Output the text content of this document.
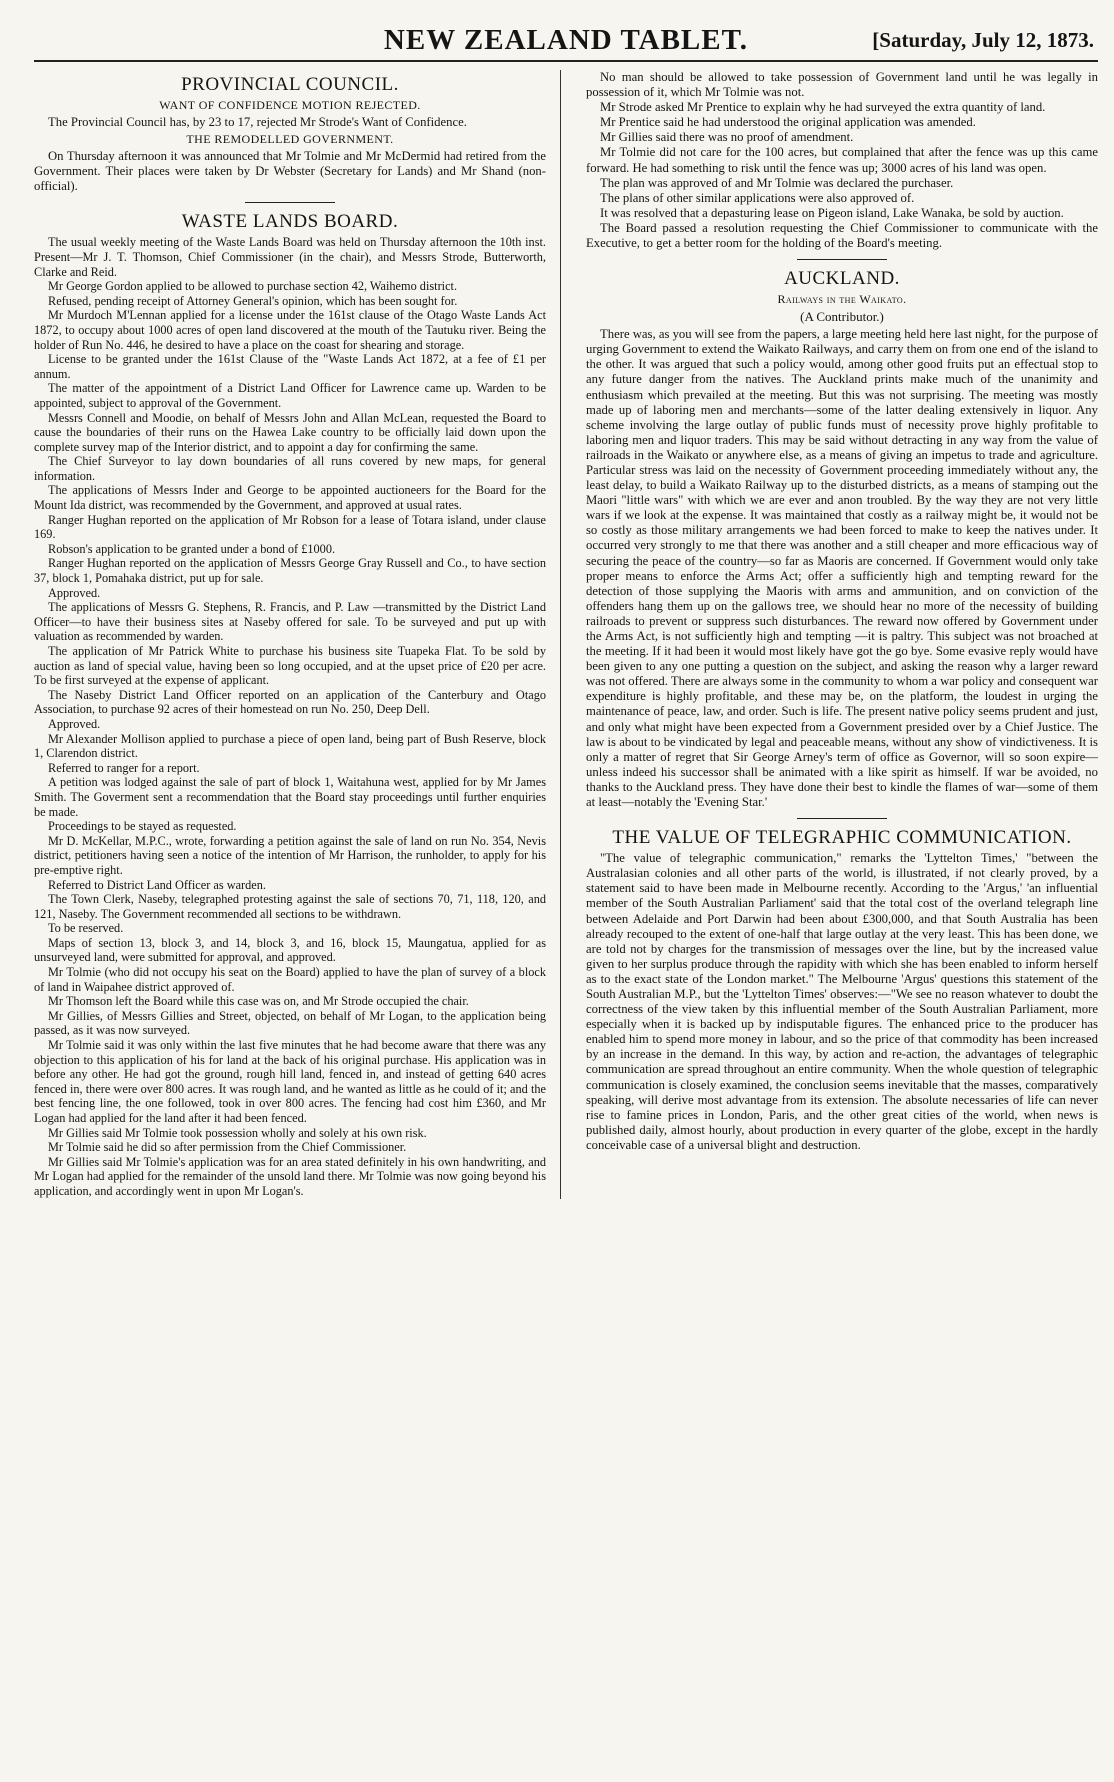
NEW ZEALAND TABLET.	[Saturday, July 12, 1873.
PROVINCIAL COUNCIL.
WANT OF CONFIDENCE MOTION REJECTED.

The Provincial Council has, by 23 to 17, rejected Mr Strode's Want of Confidence.

THE REMODELLED GOVERNMENT.

On Thursday afternoon it was announced that Mr Tolmie and Mr McDermid had retired from the Government. Their places were taken by Dr Webster (Secretary for Lands) and Mr Shand (non-official).

WASTE LANDS BOARD.

The usual weekly meeting of the Waste Lands Board was held on Thursday afternoon the 10th inst. Present—Mr J. T. Thomson, Chief Commissioner (in the chair), and Messrs Strode, Butterworth, Clarke and Reid.

Mr George Gordon applied to be allowed to purchase section 42, Waihemo district.

Refused, pending receipt of Attorney General's opinion, which has been sought for.

Mr Murdoch M'Lennan applied for a license under the 161st clause of the Otago Waste Lands Act 1872, to occupy about 1000 acres of open land discovered at the mouth of the Tautuku river. Being the holder of Run No. 446, he desired to have a place on the coast for shearing and storage.

License to be granted under the 161st Clause of the "Waste Lands Act 1872, at a fee of £1 per annum.

The matter of the appointment of a District Land Officer for Lawrence came up. Warden to be appointed, subject to approval of the Government.

Messrs Connell and Moodie, on behalf of Messrs John and Allan McLean, requested the Board to cause the boundaries of their runs on the Hawea Lake country to be officially laid down upon the complete survey map of the Interior district, and to appoint a day for confirming the same.

The Chief Surveyor to lay down boundaries of all runs covered by new maps, for general information.

The applications of Messrs Inder and George to be appointed auctioneers for the Board for the Mount Ida district, was recommended by the Government, and approved at usual rates.

Ranger Hughan reported on the application of Mr Robson for a lease of Totara island, under clause 169.

Robson's application to be granted under a bond of £1000.

Ranger Hughan reported on the application of Messrs George Gray Russell and Co., to have section 37, block 1, Pomahaka district, put up for sale.

Approved.

The applications of Messrs G. Stephens, R. Francis, and P. Law —transmitted by the District Land Officer—to have their business sites at Naseby offered for sale. To be surveyed and put up with valuation as recommended by warden.

The application of Mr Patrick White to purchase his business site Tuapeka Flat. To be sold by auction as land of special value, having been so long occupied, and at the upset price of £20 per acre. To be first surveyed at the expense of applicant.

The Naseby District Land Officer reported on an application of the Canterbury and Otago Association, to purchase 92 acres of their homestead on run No. 250, Deep Dell.

Approved.

Mr Alexander Mollison applied to purchase a piece of open land, being part of Bush Reserve, block 1, Clarendon district.

Referred to ranger for a report.

A petition was lodged against the sale of part of block 1, Waitahuna west, applied for by Mr James Smith. The Goverment sent a recommendation that the Board stay proceedings until further enquiries be made.

Proceedings to be stayed as requested.

Mr D. McKellar, M.P.C., wrote, forwarding a petition against the sale of land on run No. 354, Nevis district, petitioners having seen a notice of the intention of Mr Harrison, the runholder, to apply for his pre-emptive right.

Referred to District Land Officer as warden.

The Town Clerk, Naseby, telegraphed protesting against the sale of sections 70, 71, 118, 120, and 121, Naseby. The Government recommended all sections to be withdrawn.

To be reserved.

Maps of section 13, block 3, and 14, block 3, and 16, block 15, Maungatua, applied for as unsurveyed land, were submitted for approval, and approved.

Mr Tolmie (who did not occupy his seat on the Board) applied to have the plan of survey of a block of land in Waipahee district approved of.

Mr Thomson left the Board while this case was on, and Mr Strode occupied the chair.

Mr Gillies, of Messrs Gillies and Street, objected, on behalf of Mr Logan, to the application being passed, as it was now surveyed.

Mr Tolmie said it was only within the last five minutes that he had become aware that there was any objection to this application of his for land at the back of his original purchase. His application was in before any other. He had got the ground, rough hill land, fenced in, and instead of getting 640 acres fenced in, there were over 800 acres. It was rough land, and he wanted as little as he could of it; and the best fencing line, the one followed, took in over 800 acres. The fencing had cost him £360, and Mr Logan had applied for the land after it had been fenced.

Mr Gillies said Mr Tolmie took possession wholly and solely at his own risk.

Mr Tolmie said he did so after permission from the Chief Commissioner.

Mr Gillies said Mr Tolmie's application was for an area stated definitely in his own handwriting, and Mr Logan had applied for the remainder of the unsold land there. Mr Tolmie was now going beyond his application, and accordingly went in upon Mr Logan's.

No man should be allowed to take possession of Government land until he was legally in possession of it, which Mr Tolmie was not.

Mr Strode asked Mr Prentice to explain why he had surveyed the extra quantity of land.

Mr Prentice said he had understood the original application was amended.

Mr Gillies said there was no proof of amendment.

Mr Tolmie did not care for the 100 acres, but complained that after the fence was up this came forward. He had something to risk until the fence was up; 3000 acres of his land was open.

The plan was approved of and Mr Tolmie was declared the purchaser.

The plans of other similar applications were also approved of.

It was resolved that a depasturing lease on Pigeon island, Lake Wanaka, be sold by auction.

The Board passed a resolution requesting the Chief Commissioner to communicate with the Executive, to get a better room for the holding of the Board's meeting.

AUCKLAND.
Railways in the Waikato.
(A Contributor.)

There was, as you will see from the papers, a large meeting held here last night, for the purpose of urging Government to extend the Waikato Railways, and carry them on from one end of the island to the other. It was argued that such a policy would, among other good fruits put an effectual stop to any future danger from the natives. The Auckland prints make much of the unanimity and enthusiasm which prevailed at the meeting. But this was not surprising. The meeting was mostly made up of laboring men and merchants—some of the latter dealing extensively in liquor. Any scheme involving the large outlay of public funds must of necessity prove highly profitable to laboring men and liquor traders. This may be said without detracting in any way from the value of railroads in the Waikato or anywhere else, as a means of giving an impetus to trade and agriculture. Particular stress was laid on the necessity of Government proceeding immediately without any, the least delay, to build a Waikato Railway up to the disturbed districts, as a means of stamping out the Maori "little wars" with which we are ever and anon troubled. By the way they are not very little wars if we look at the expense. It was maintained that costly as a railway might be, it would not be so costly as those military arrangements we had been forced to make to keep the natives under. It occurred very strongly to me that there was another and a still cheaper and more efficacious way of securing the peace of the country—so far as Maoris are concerned. If Government would only take proper means to enforce the Arms Act; offer a sufficiently high and tempting reward for the detection of those supplying the Maoris with arms and ammunition, and on conviction of the offenders hang them up on the gallows tree, we should hear no more of the necessity of building railroads to prevent or suppress such disturbances. The reward now offered by Government under the Arms Act, is not sufficiently high and tempting —it is paltry. This subject was not broached at the meeting. If it had been it would most likely have got the go bye. Some evasive reply would have been given to any one putting a question on the subject, and asking the reason why a larger reward was not offered. There are always some in the community to whom a war policy and consequent war expenditure is highly profitable, and these may be, on the platform, the loudest in urging the maintenance of peace, law, and order. Such is life. The present native policy seems prudent and just, and only what might have been expected from a Government presided over by a Chief Justice. The law is about to be vindicated by legal and peaceable means, without any show of vindictiveness. It is only a matter of regret that Sir George Arney's term of office as Governor, will so soon expire—unless indeed his successor shall be animated with a like spirit as himself. If war be avoided, no thanks to the Auckland press. They have done their best to kindle the flames of war—some of them at least—notably the 'Evening Star.'

THE VALUE OF TELEGRAPHIC COMMUNICATION.

"The value of telegraphic communication," remarks the 'Lyttelton Times,' "between the Australasian colonies and all other parts of the world, is illustrated, if not clearly proved, by a statement said to have been made in Melbourne recently. According to the 'Argus,' 'an influential member of the South Australian Parliament' said that the total cost of the overland telegraph line between Adelaide and Port Darwin had been about £300,000, and that South Australia has been already recouped to the extent of one-half that large outlay at the very least. This has been done, we are told not by charges for the transmission of messages over the line, but by the increased value given to her surplus produce through the rapidity with which she has been enabled to inform herself as to the exact state of the London market." The Melbourne 'Argus' questions this statement of the South Australian M.P., but the 'Lyttelton Times' observes:—"We see no reason whatever to doubt the correctness of the view taken by this influential member of the South Australian Parliament, more especially when it is backed up by indisputable figures. The enhanced price to the producer has enabled him to spend more money in labour, and so the price of that commodity has been increased by an increase in the demand. In this way, by action and re-action, the advantages of telegraphic communication are spread throughout an entire community. When the whole question of telegraphic communication is closely examined, the conclusion seems inevitable that the masses, comparatively speaking, will derive most advantage from its extension. The absolute necessaries of life can never rise to famine prices in London, Paris, and the other great cities of the world, when news is published daily, almost hourly, about production in every quarter of the globe, except in the hardly conceivable case of a universal blight and destruction.
